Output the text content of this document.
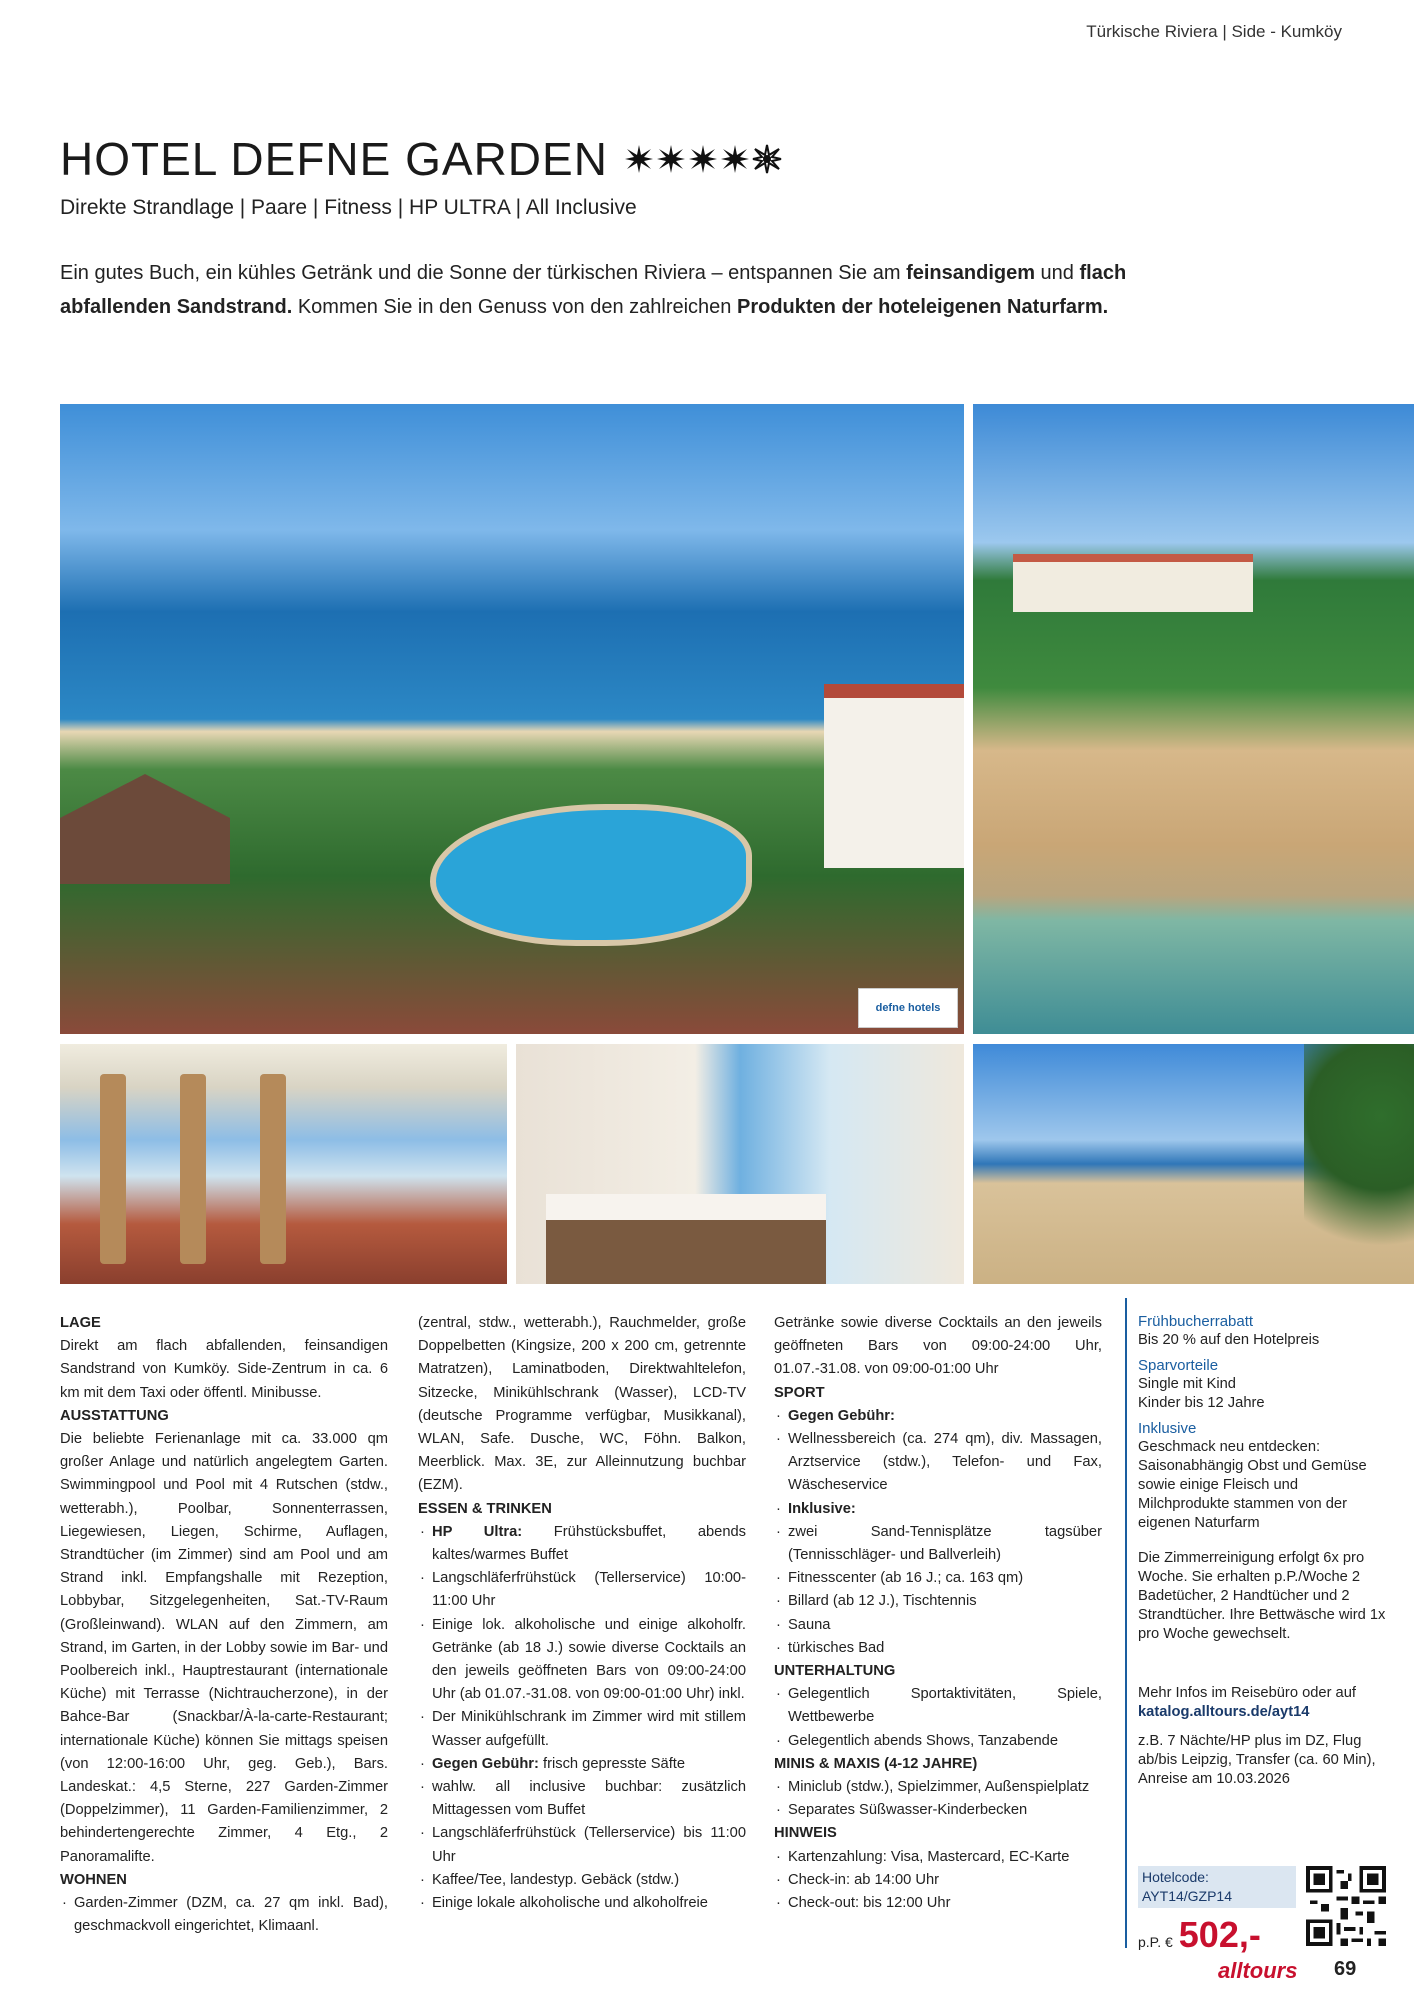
Türkische Riviera | Side - Kumköy
HOTEL DEFNE GARDEN
Direkte Strandlage | Paare | Fitness | HP ULTRA | All Inclusive
Ein gutes Buch, ein kühles Getränk und die Sonne der türkischen Riviera – entspannen Sie am feinsandigem und flach abfallenden Sandstrand. Kommen Sie in den Genuss von den zahlreichen Produkten der hoteleigenen Naturfarm.
defne hotels
LAGE
Direkt am flach abfallenden, feinsandigen Sandstrand von Kumköy. Side-Zentrum in ca. 6 km mit dem Taxi oder öffentl. Minibusse.
AUSSTATTUNG
Die beliebte Ferienanlage mit ca. 33.000 qm großer Anlage und natürlich angelegtem Garten. Swimmingpool und Pool mit 4 Rutschen (stdw., wetterabh.), Poolbar, Sonnenterrassen, Liegewiesen, Liegen, Schirme, Auflagen, Strandtücher (im Zimmer) sind am Pool und am Strand inkl. Empfangshalle mit Rezeption, Lobbybar, Sitzgelegenheiten, Sat.-TV-Raum (Großleinwand). WLAN auf den Zimmern, am Strand, im Garten, in der Lobby sowie im Bar- und Poolbereich inkl., Hauptrestaurant (internationale Küche) mit Terrasse (Nichtraucherzone), in der Bahce-Bar (Snackbar/À-la-carte-Restaurant; internationale Küche) können Sie mittags speisen (von 12:00-16:00 Uhr, geg. Geb.), Bars. Landeskat.: 4,5 Sterne, 227 Garden-Zimmer (Doppelzimmer), 11 Garden-Familienzimmer, 2 behindertengerechte Zimmer, 4 Etg., 2 Panoramalifte.
WOHNEN
· Garden-Zimmer (DZM, ca. 27 qm inkl. Bad), geschmackvoll eingerichtet, Klimaanl.
(zentral, stdw., wetterabh.), Rauchmelder, große Doppelbetten (Kingsize, 200 x 200 cm, getrennte Matratzen), Laminatboden, Direktwahltelefon, Sitzecke, Minikühlschrank (Wasser), LCD-TV (deutsche Programme verfügbar, Musikkanal), WLAN, Safe. Dusche, WC, Föhn. Balkon, Meerblick. Max. 3E, zur Alleinnutzung buchbar (EZM).
ESSEN & TRINKEN
· HP Ultra: Frühstücksbuffet, abends kaltes/warmes Buffet
· Langschläferfrühstück (Tellerservice) 10:00-11:00 Uhr
· Einige lok. alkoholische und einige alkoholfr. Getränke (ab 18 J.) sowie diverse Cocktails an den jeweils geöffneten Bars von 09:00-24:00 Uhr (ab 01.07.-31.08. von 09:00-01:00 Uhr) inkl.
· Der Minikühlschrank im Zimmer wird mit stillem Wasser aufgefüllt.
· Gegen Gebühr: frisch gepresste Säfte
· wahlw. all inclusive buchbar: zusätzlich Mittagessen vom Buffet
· Langschläferfrühstück (Tellerservice) bis 11:00 Uhr
· Kaffee/Tee, landestyp. Gebäck (stdw.)
· Einige lokale alkoholische und alkoholfreie
Getränke sowie diverse Cocktails an den jeweils geöffneten Bars von 09:00-24:00 Uhr, 01.07.-31.08. von 09:00-01:00 Uhr
SPORT
· Gegen Gebühr:
· Wellnessbereich (ca. 274 qm), div. Massagen, Arztservice (stdw.), Telefon- und Fax, Wäscheservice
· Inklusive:
· zwei Sand-Tennisplätze tagsüber (Tennisschläger- und Ballverleih)
· Fitnesscenter (ab 16 J.; ca. 163 qm)
· Billard (ab 12 J.), Tischtennis
· Sauna
· türkisches Bad
UNTERHALTUNG
· Gelegentlich Sportaktivitäten, Spiele, Wettbewerbe
· Gelegentlich abends Shows, Tanzabende
MINIS & MAXIS (4-12 JAHRE)
· Miniclub (stdw.), Spielzimmer, Außenspielplatz
· Separates Süßwasser-Kinderbecken
HINWEIS
· Kartenzahlung: Visa, Mastercard, EC-Karte
· Check-in: ab 14:00 Uhr
· Check-out: bis 12:00 Uhr
Frühbucherrabatt

Bis 20 % auf den Hotelpreis

Sparvorteile

Single mit Kind

Kinder bis 12 Jahre

Inklusive

Geschmack neu entdecken: Saisonabhängig Obst und Gemüse sowie einige Fleisch und Milchprodukte stammen von der eigenen Naturfarm

Die Zimmerreinigung erfolgt 6x pro Woche. Sie erhalten p.P./Woche 2 Badetücher, 2 Handtücher und 2 Strandtücher. Ihre Bettwäsche wird 1x pro Woche gewechselt.

Mehr Infos im Reisebüro oder auf

katalog.alltours.de/ayt14

z.B. 7 Nächte/HP plus im DZ, Flug ab/bis Leipzig, Transfer (ca. 60 Min), Anreise am 10.03.2026

Hotelcode:
AYT14/GZP14
p.P. € 502,-
alltours 69
